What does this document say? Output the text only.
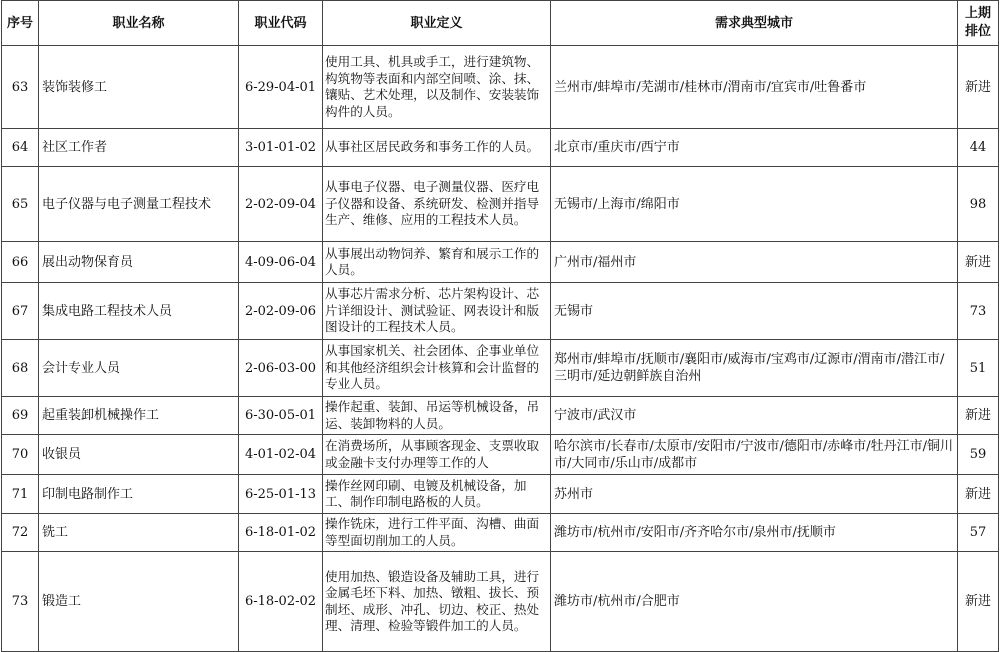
序号	职业名称	职业代码	职业定义	需求典型城市	上期
排位

63	装饰装修工	6-29-04-01	使用工具、机具或手工，进行建筑物、构筑物等表面和内部空间喷、涂、抹、镶贴、艺术处理，以及制作、安装装饰构件的人员。	兰州市/蚌埠市/芜湖市/桂林市/渭南市/宜宾市/吐鲁番市	新进
64	社区工作者	3-01-01-02	从事社区居民政务和事务工作的人员。	北京市/重庆市/西宁市	44
65	电子仪器与电子测量工程技术	2-02-09-04	从事电子仪器、电子测量仪器、医疗电子仪器和设备、系统研发、检测并指导生产、维修、应用的工程技术人员。	无锡市/上海市/绵阳市	98
66	展出动物保育员	4-09-06-04	从事展出动物饲养、繁育和展示工作的人员。	广州市/福州市	新进
67	集成电路工程技术人员	2-02-09-06	从事芯片需求分析、芯片架构设计、芯片详细设计、测试验证、网表设计和版图设计的工程技术人员。	无锡市	73
68	会计专业人员	2-06-03-00	从事国家机关、社会团体、企事业单位和其他经济组织会计核算和会计监督的专业人员。	郑州市/蚌埠市/抚顺市/襄阳市/威海市/宝鸡市/辽源市/渭南市/潜江市/三明市/延边朝鲜族自治州	51
69	起重装卸机械操作工	6-30-05-01	操作起重、装卸、吊运等机械设备，吊运、装卸物料的人员。	宁波市/武汉市	新进
70	收银员	4-01-02-04	在消费场所，从事顾客现金、支票收取或金融卡支付办理等工作的人	哈尔滨市/长春市/太原市/安阳市/宁波市/德阳市/赤峰市/牡丹江市/铜川市/大同市/乐山市/成都市	59
71	印制电路制作工	6-25-01-13	操作丝网印刷、电镀及机械设备，加工、制作印制电路板的人员。	苏州市	新进
72	铣工	6-18-01-02	操作铣床，进行工件平面、沟槽、曲面等型面切削加工的人员。	潍坊市/杭州市/安阳市/齐齐哈尔市/泉州市/抚顺市	57
73	锻造工	6-18-02-02	使用加热、锻造设备及辅助工具，进行金属毛坯下料、加热、镦粗、拔长、预制坯、成形、冲孔、切边、校正、热处理、清理、检验等锻件加工的人员。	潍坊市/杭州市/合肥市	新进
